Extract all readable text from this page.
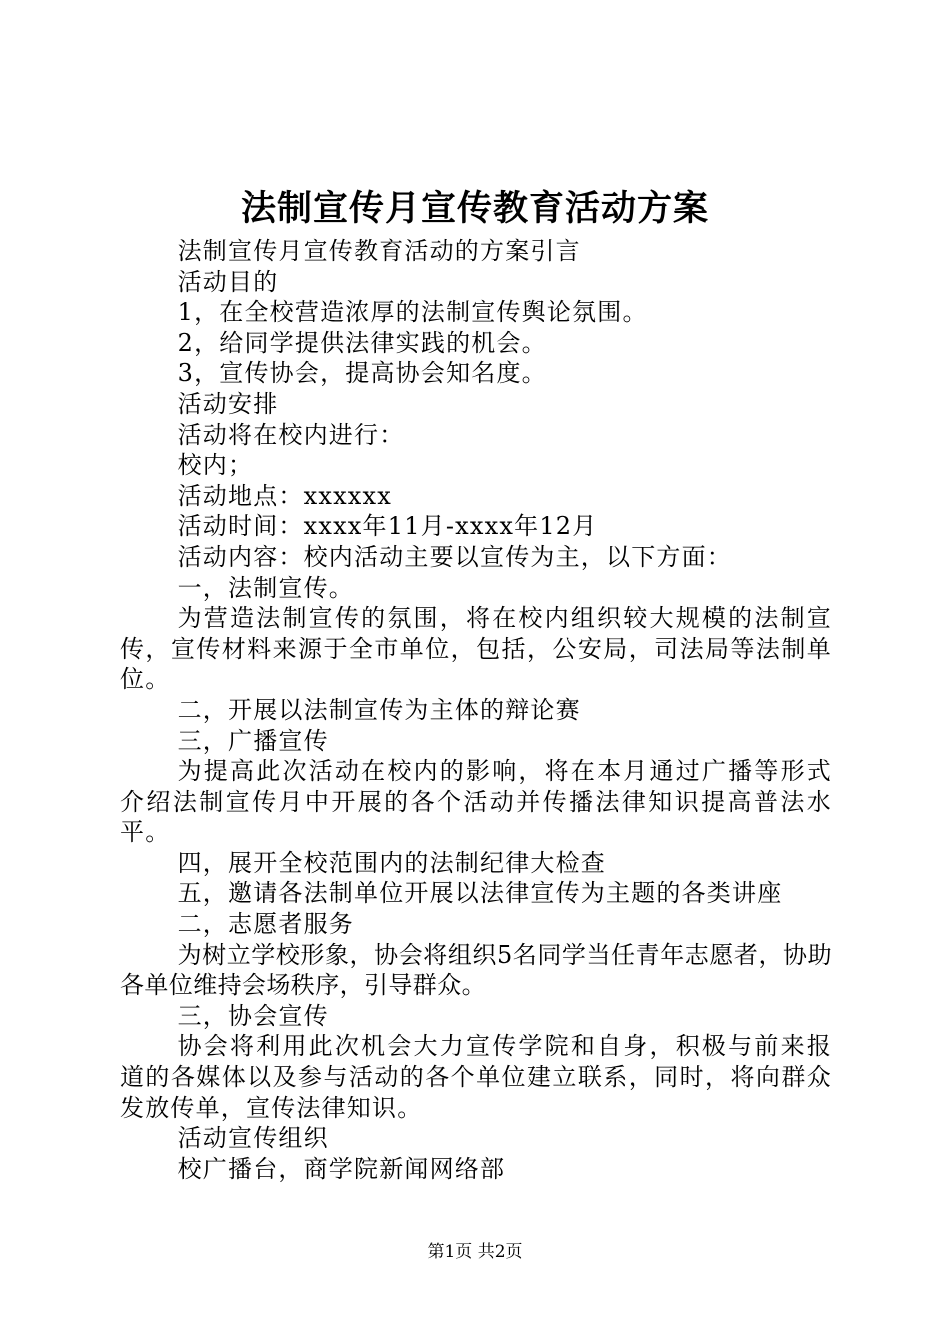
法制宣传月宣传教育活动方案

法制宣传月宣传教育活动的方案引言

活动目的

1，在全校营造浓厚的法制宣传舆论氛围。

2，给同学提供法律实践的机会。

3，宣传协会，提高协会知名度。

活动安排

活动将在校内进行：

校内；

活动地点：xxxxxx

活动时间：xxxx年11月-xxxx年12月

活动内容：校内活动主要以宣传为主，以下方面：

一，法制宣传。

为营造法制宣传的氛围，将在校内组织较大规模的法制宣传，宣传材料来源于全市单位，包括，公安局，司法局等法制单位。

二，开展以法制宣传为主体的辩论赛

三，广播宣传

为提高此次活动在校内的影响，将在本月通过广播等形式介绍法制宣传月中开展的各个活动并传播法律知识提高普法水平。

四，展开全校范围内的法制纪律大检查

五，邀请各法制单位开展以法律宣传为主题的各类讲座

二，志愿者服务

为树立学校形象，协会将组织5名同学当任青年志愿者，协助各单位维持会场秩序，引导群众。

三，协会宣传

协会将利用此次机会大力宣传学院和自身，积极与前来报道的各媒体以及参与活动的各个单位建立联系，同时，将向群众发放传单，宣传法律知识。

活动宣传组织

校广播台，商学院新闻网络部

第1页 共2页
